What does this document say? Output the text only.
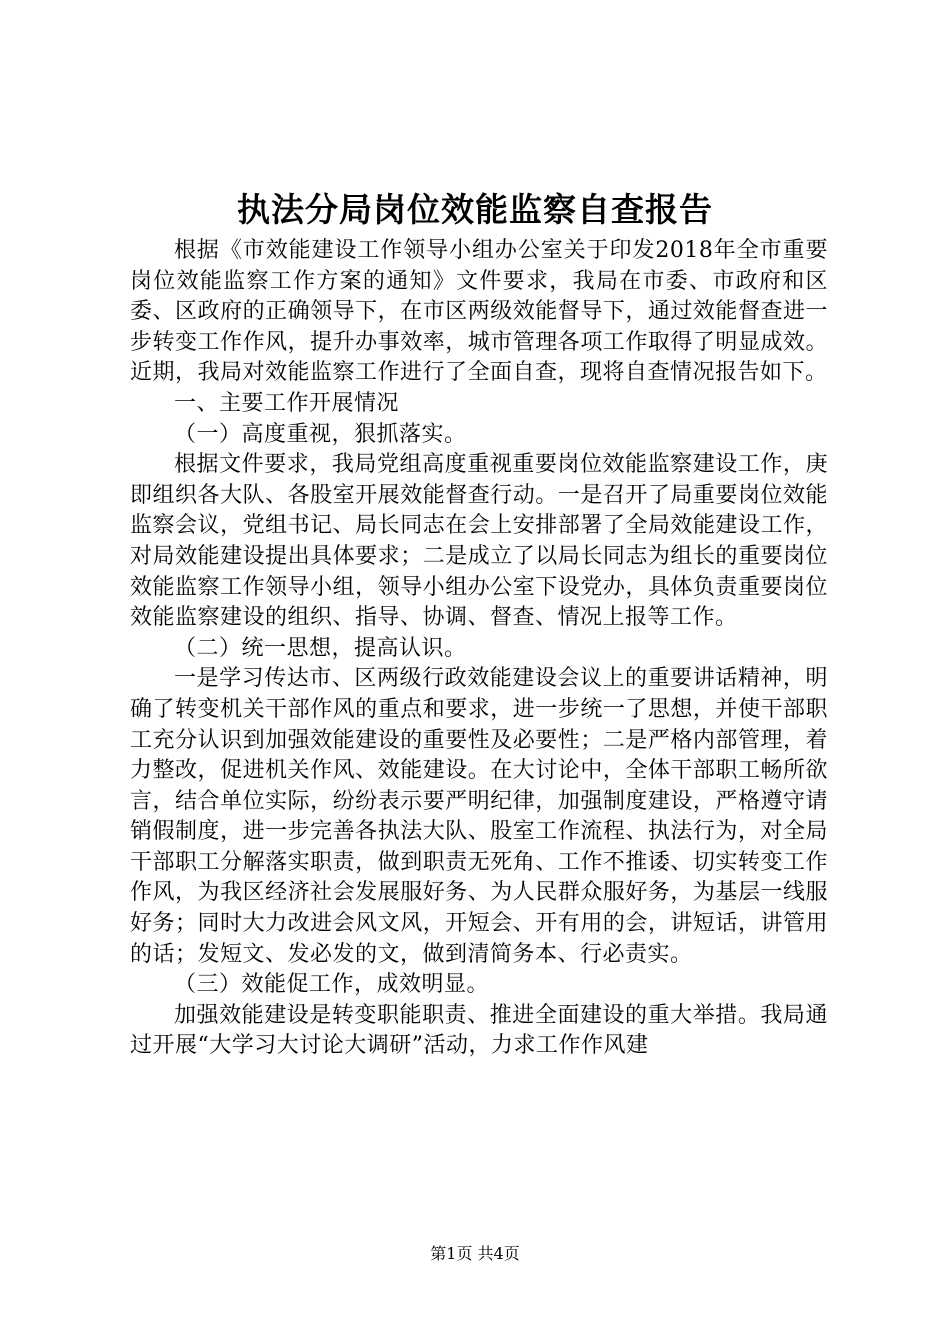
执法分局岗位效能监察自查报告

根据《市效能建设工作领导小组办公室关于印发2018年全市重要岗位效能监察工作方案的通知》文件要求，我局在市委、市政府和区委、区政府的正确领导下，在市区两级效能督导下，通过效能督查进一步转变工作作风，提升办事效率，城市管理各项工作取得了明显成效。近期，我局对效能监察工作进行了全面自查，现将自查情况报告如下。

一、主要工作开展情况

（一）高度重视，狠抓落实。

根据文件要求，我局党组高度重视重要岗位效能监察建设工作，庚即组织各大队、各股室开展效能督查行动。一是召开了局重要岗位效能监察会议，党组书记、局长同志在会上安排部署了全局效能建设工作，对局效能建设提出具体要求；二是成立了以局长同志为组长的重要岗位效能监察工作领导小组，领导小组办公室下设党办，具体负责重要岗位效能监察建设的组织、指导、协调、督查、情况上报等工作。

（二）统一思想，提高认识。

一是学习传达市、区两级行政效能建设会议上的重要讲话精神，明确了转变机关干部作风的重点和要求，进一步统一了思想，并使干部职工充分认识到加强效能建设的重要性及必要性；二是严格内部管理，着力整改，促进机关作风、效能建设。在大讨论中，全体干部职工畅所欲言，结合单位实际，纷纷表示要严明纪律，加强制度建设，严格遵守请销假制度，进一步完善各执法大队、股室工作流程、执法行为，对全局干部职工分解落实职责，做到职责无死角、工作不推诿、切实转变工作作风，为我区经济社会发展服好务、为人民群众服好务，为基层一线服好务；同时大力改进会风文风，开短会、开有用的会，讲短话，讲管用的话；发短文、发必发的文，做到清简务本、行必责实。

（三）效能促工作，成效明显。

加强效能建设是转变职能职责、推进全面建设的重大举措。我局通过开展“大学习大讨论大调研”活动，力求工作作风建

第1页 共4页
